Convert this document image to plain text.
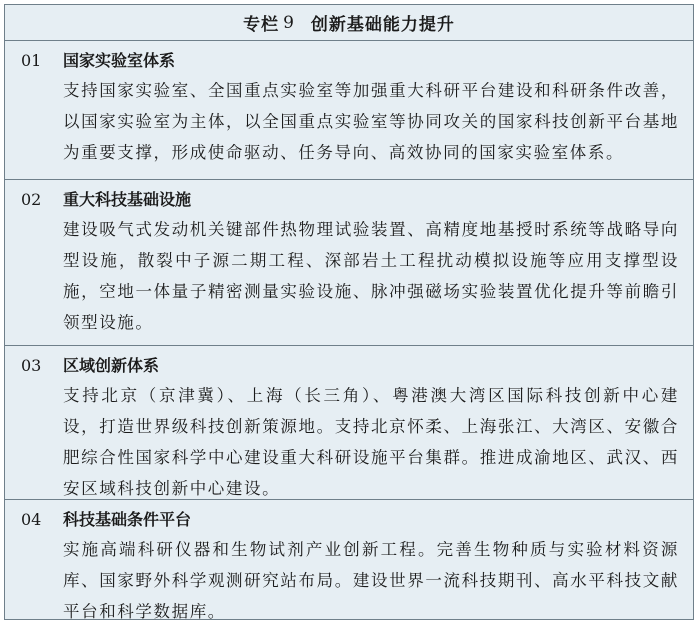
专栏 9 创新基础能力提升
01	国家实验室体系
支持国家实验室、全国重点实验室等加强重大科研平台建设和科研条件改善，以国家实验室为主体，以全国重点实验室等协同攻关的国家科技创新平台基地为重要支撑，形成使命驱动、任务导向、高效协同的国家实验室体系。
02	重大科技基础设施
建设吸气式发动机关键部件热物理试验装置、高精度地基授时系统等战略导向型设施，散裂中子源二期工程、深部岩土工程扰动模拟设施等应用支撑型设施，空地一体量子精密测量实验设施、脉冲强磁场实验装置优化提升等前瞻引领型设施。
03	区域创新体系
支持北京（京津冀）、上海（长三角）、粤港澳大湾区国际科技创新中心建设，打造世界级科技创新策源地。支持北京怀柔、上海张江、大湾区、安徽合肥综合性国家科学中心建设重大科研设施平台集群。推进成渝地区、武汉、西安区域科技创新中心建设。
04	科技基础条件平台
实施高端科研仪器和生物试剂产业创新工程。完善生物种质与实验材料资源库、国家野外科学观测研究站布局。建设世界一流科技期刊、高水平科技文献平台和科学数据库。
